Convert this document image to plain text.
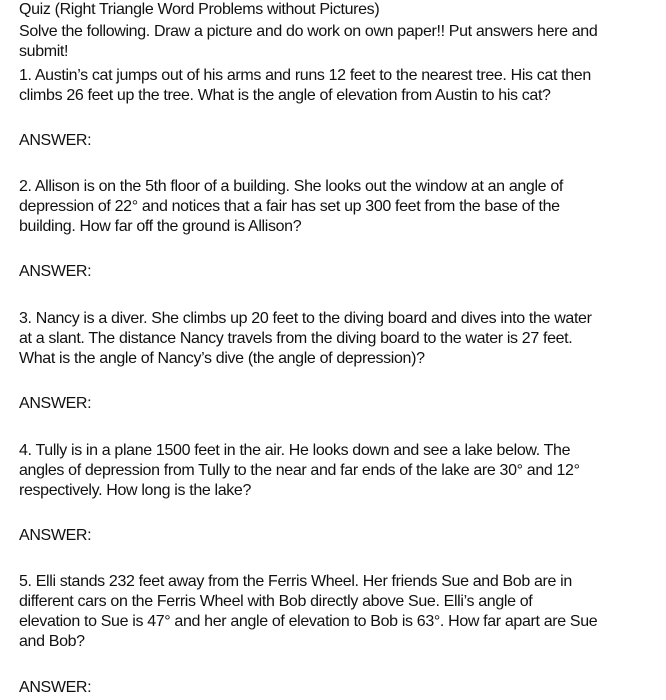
Quiz (Right Triangle Word Problems without Pictures)

Solve the following. Draw a picture and do work on own paper!! Put answers here and

submit!

1. Austin’s cat jumps out of his arms and runs 12 feet to the nearest tree. His cat then

climbs 26 feet up the tree. What is the angle of elevation from Austin to his cat?

ANSWER:

2. Allison is on the 5th floor of a building. She looks out the window at an angle of

depression of 22° and notices that a fair has set up 300 feet from the base of the

building. How far off the ground is Allison?

ANSWER:

3. Nancy is a diver. She climbs up 20 feet to the diving board and dives into the water

at a slant. The distance Nancy travels from the diving board to the water is 27 feet.

What is the angle of Nancy’s dive (the angle of depression)?

ANSWER:

4. Tully is in a plane 1500 feet in the air. He looks down and see a lake below. The

angles of depression from Tully to the near and far ends of the lake are 30° and 12°

respectively. How long is the lake?

ANSWER:

5. Elli stands 232 feet away from the Ferris Wheel. Her friends Sue and Bob are in

different cars on the Ferris Wheel with Bob directly above Sue. Elli’s angle of

elevation to Sue is 47° and her angle of elevation to Bob is 63°. How far apart are Sue

and Bob?

ANSWER:
